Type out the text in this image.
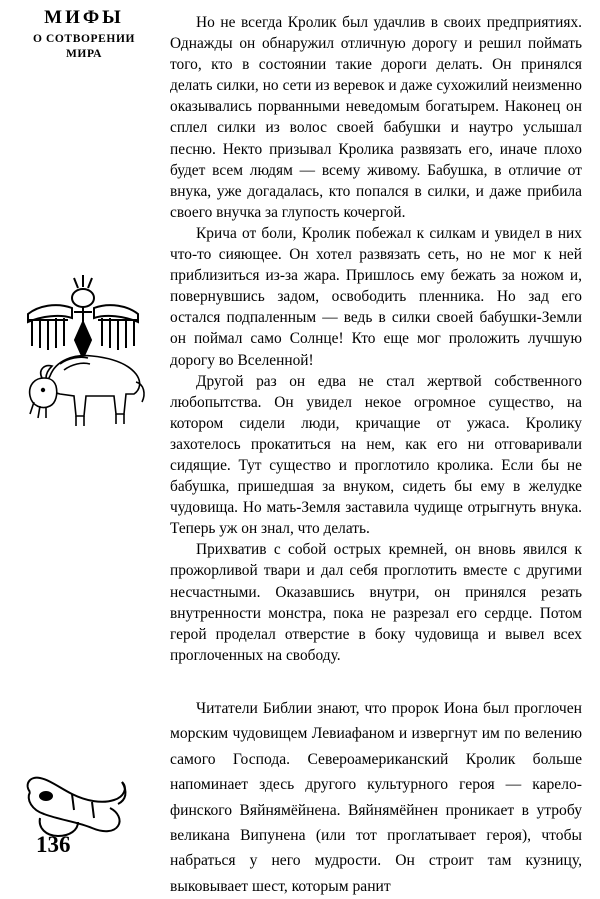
МИФЫ
О СОТВОРЕНИИ
МИРА
136

Но не всегда Кролик был удачлив в своих предприятиях. Однажды он обнаружил отличную дорогу и решил поймать того, кто в состоянии такие дороги делать. Он принялся делать силки, но сети из веревок и даже сухожилий неизменно оказывались порванными неведомым богатырем. Наконец он сплел силки из волос своей бабушки и наутро услышал песню. Некто призывал Кролика развязать его, иначе плохо будет всем людям — всему живому. Бабушка, в отличие от внука, уже догадалась, кто попался в силки, и даже прибила своего внучка за глупость кочергой.

Крича от боли, Кролик побежал к силкам и увидел в них что-то сияющее. Он хотел развязать сеть, но не мог к ней приблизиться из-за жара. Пришлось ему бежать за ножом и, повернувшись задом, освободить пленника. Но зад его остался подпаленным — ведь в силки своей бабушки-Земли он поймал само Солнце! Кто еще мог проложить лучшую дорогу во Вселенной!

Другой раз он едва не стал жертвой собственного любопытства. Он увидел некое огромное существо, на котором сидели люди, кричащие от ужаса. Кролику захотелось прокатиться на нем, как его ни отговаривали сидящие. Тут существо и проглотило кролика. Если бы не бабушка, пришедшая за внуком, сидеть бы ему в желудке чудовища. Но мать-Земля заставила чудище отрыгнуть внука. Теперь уж он знал, что делать.

Прихватив с собой острых кремней, он вновь явился к прожорливой твари и дал себя проглотить вместе с другими несчастными. Оказавшись внутри, он принялся резать внутренности монстра, пока не разрезал его сердце. Потом герой проделал отверстие в боку чудовища и вывел всех проглоченных на свободу.

Читатели Библии знают, что пророк Иона был проглочен морским чудовищем Левиафаном и извергнут им по велению самого Господа. Североамериканский Кролик больше напоминает здесь другого культурного героя — карело-финского Вяйнямёйнена. Вяйнямёйнен проникает в утробу великана Випунена (или тот проглатывает героя), чтобы набраться у него мудрости. Он строит там кузницу, выковывает шест, которым ранит
